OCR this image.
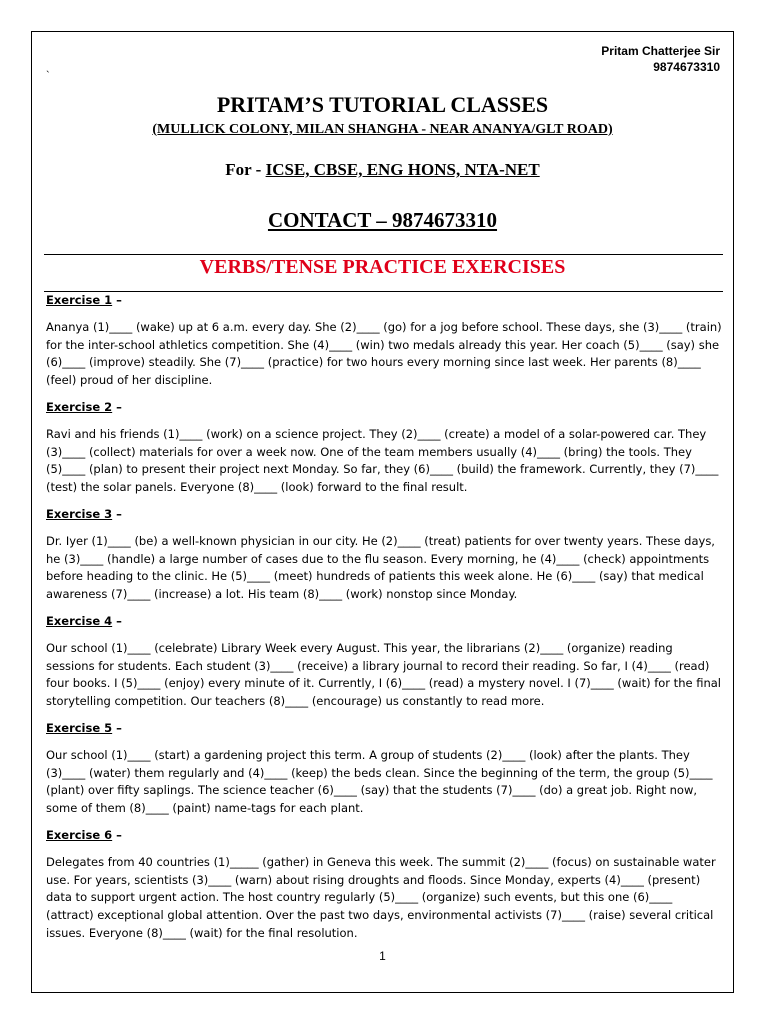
Pritam Chatterjee Sir
9874673310
`
PRITAM’S TUTORIAL CLASSES
(MULLICK COLONY, MILAN SHANGHA - NEAR ANANYA/GLT ROAD)
For - ICSE, CBSE, ENG HONS, NTA-NET
CONTACT – 9874673310
VERBS/TENSE PRACTICE EXERCISES

Exercise 1 –

Ananya (1)____ (wake) up at 6 a.m. every day. She (2)____ (go) for a jog before school. These days, she (3)____ (train) for the inter-school athletics competition. She (4)____ (win) two medals already this year. Her coach (5)____ (say) she (6)____ (improve) steadily. She (7)____ (practice) for two hours every morning since last week. Her parents (8)____ (feel) proud of her discipline.

Exercise 2 –

Ravi and his friends (1)____ (work) on a science project. They (2)____ (create) a model of a solar-powered car. They (3)____ (collect) materials for over a week now. One of the team members usually (4)____ (bring) the tools. They (5)____ (plan) to present their project next Monday. So far, they (6)____ (build) the framework. Currently, they (7)____ (test) the solar panels. Everyone (8)____ (look) forward to the final result.

Exercise 3 –

Dr. Iyer (1)____ (be) a well-known physician in our city. He (2)____ (treat) patients for over twenty years. These days, he (3)____ (handle) a large number of cases due to the flu season. Every morning, he (4)____ (check) appointments before heading to the clinic. He (5)____ (meet) hundreds of patients this week alone. He (6)____ (say) that medical awareness (7)____ (increase) a lot. His team (8)____ (work) nonstop since Monday.

Exercise 4 –

Our school (1)____ (celebrate) Library Week every August. This year, the librarians (2)____ (organize) reading sessions for students. Each student (3)____ (receive) a library journal to record their reading. So far, I (4)____ (read) four books. I (5)____ (enjoy) every minute of it. Currently, I (6)____ (read) a mystery novel. I (7)____ (wait) for the final storytelling competition. Our teachers (8)____ (encourage) us constantly to read more.

Exercise 5 –

Our school (1)____ (start) a gardening project this term. A group of students (2)____ (look) after the plants. They (3)____ (water) them regularly and (4)____ (keep) the beds clean. Since the beginning of the term, the group (5)____ (plant) over fifty saplings. The science teacher (6)____ (say) that the students (7)____ (do) a great job. Right now, some of them (8)____ (paint) name-tags for each plant.

Exercise 6 –

Delegates from 40 countries (1)_____ (gather) in Geneva this week. The summit (2)____ (focus) on sustainable water use. For years, scientists (3)____ (warn) about rising droughts and floods. Since Monday, experts (4)____ (present) data to support urgent action. The host country regularly (5)____ (organize) such events, but this one (6)____ (attract) exceptional global attention. Over the past two days, environmental activists (7)____ (raise) several critical issues. Everyone (8)____ (wait) for the final resolution.

1
